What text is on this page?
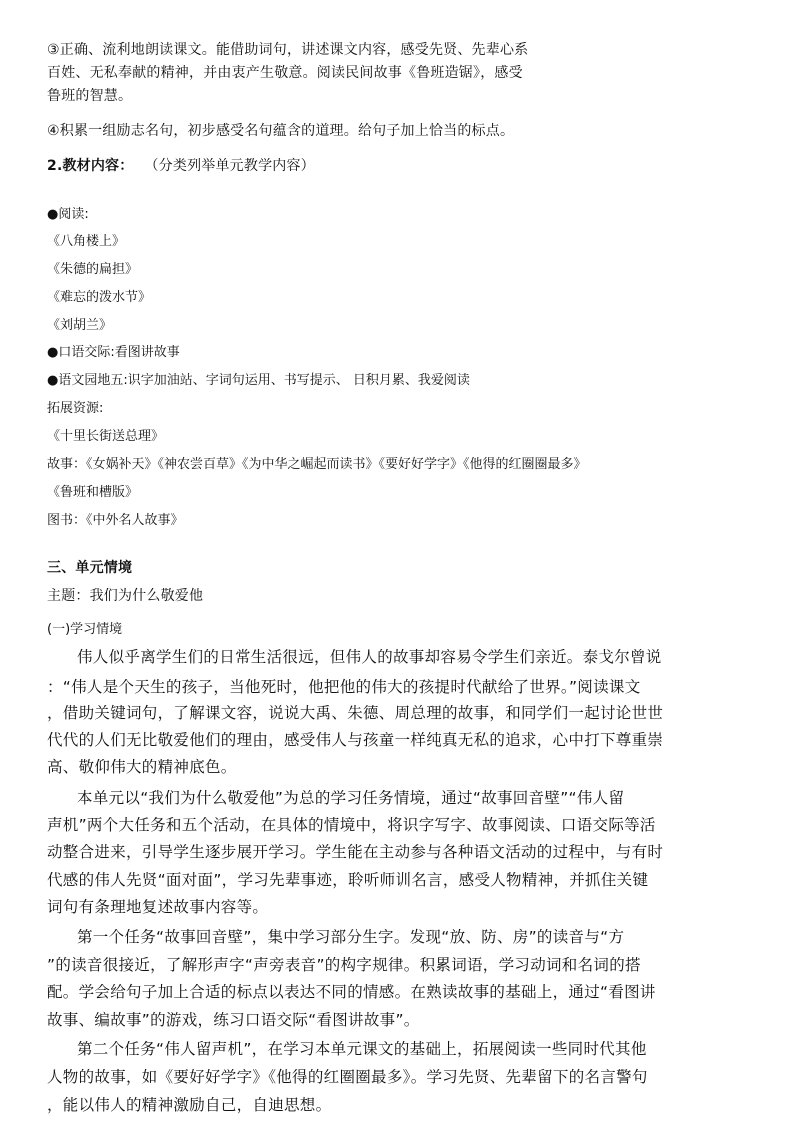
③正确、流利地朗读课文。能借助词句，讲述课文内容，感受先贤、先辈心系
百姓、无私奉献的精神，并由衷产生敬意。阅读民间故事《鲁班造锯》，感受
鲁班的智慧。
④积累一组励志名句，初步感受名句蕴含的道理。给句子加上恰当的标点。
2.教材内容： （分类列举单元教学内容）
●阅读:
《八角楼上》
《朱德的扁担》
《难忘的泼水节》
《刘胡兰》
●口语交际:看图讲故事
●语文园地五:识字加油站、字词句运用、书写提示、 日积月累、我爱阅读
拓展资源:
《十里长街送总理》
故事：《女娲补天》《神农尝百草》《为中华之崛起而读书》《要好好学字》《他得的红圈圈最多》
《鲁班和槽版》
图书：《中外名人故事》
三、单元情境
主题：我们为什么敬爱他
(一)学习情境
伟人似乎离学生们的日常生活很远，但伟人的故事却容易令学生们亲近。泰戈尔曾说
：“伟人是个天生的孩子，当他死时，他把他的伟大的孩提时代献给了世界。”阅读课文
，借助关键词句，了解课文容，说说大禹、朱德、周总理的故事，和同学们一起讨论世世
代代的人们无比敬爱他们的理由，感受伟人与孩童一样纯真无私的追求，心中打下尊重崇
高、敬仰伟大的精神底色。
本单元以“我们为什么敬爱他”为总的学习任务情境，通过“故事回音壁”“伟人留
声机”两个大任务和五个活动，在具体的情境中，将识字写字、故事阅读、口语交际等活
动整合进来，引导学生逐步展开学习。学生能在主动参与各种语文活动的过程中，与有时
代感的伟人先贤“面对面”，学习先辈事迹，聆听师训名言，感受人物精神，并抓住关键
词句有条理地复述故事内容等。
第一个任务“故事回音壁”，集中学习部分生字。发现“放、防、房”的读音与“方
”的读音很接近，了解形声字“声旁表音”的构字规律。积累词语，学习动词和名词的搭
配。学会给句子加上合适的标点以表达不同的情感。在熟读故事的基础上，通过“看图讲
故事、编故事”的游戏，练习口语交际“看图讲故事”。
第二个任务“伟人留声机”，在学习本单元课文的基础上，拓展阅读一些同时代其他
人物的故事，如《要好好学字》《他得的红圈圈最多》。学习先贤、先辈留下的名言警句
，能以伟人的精神激励自己，自迪思想。
